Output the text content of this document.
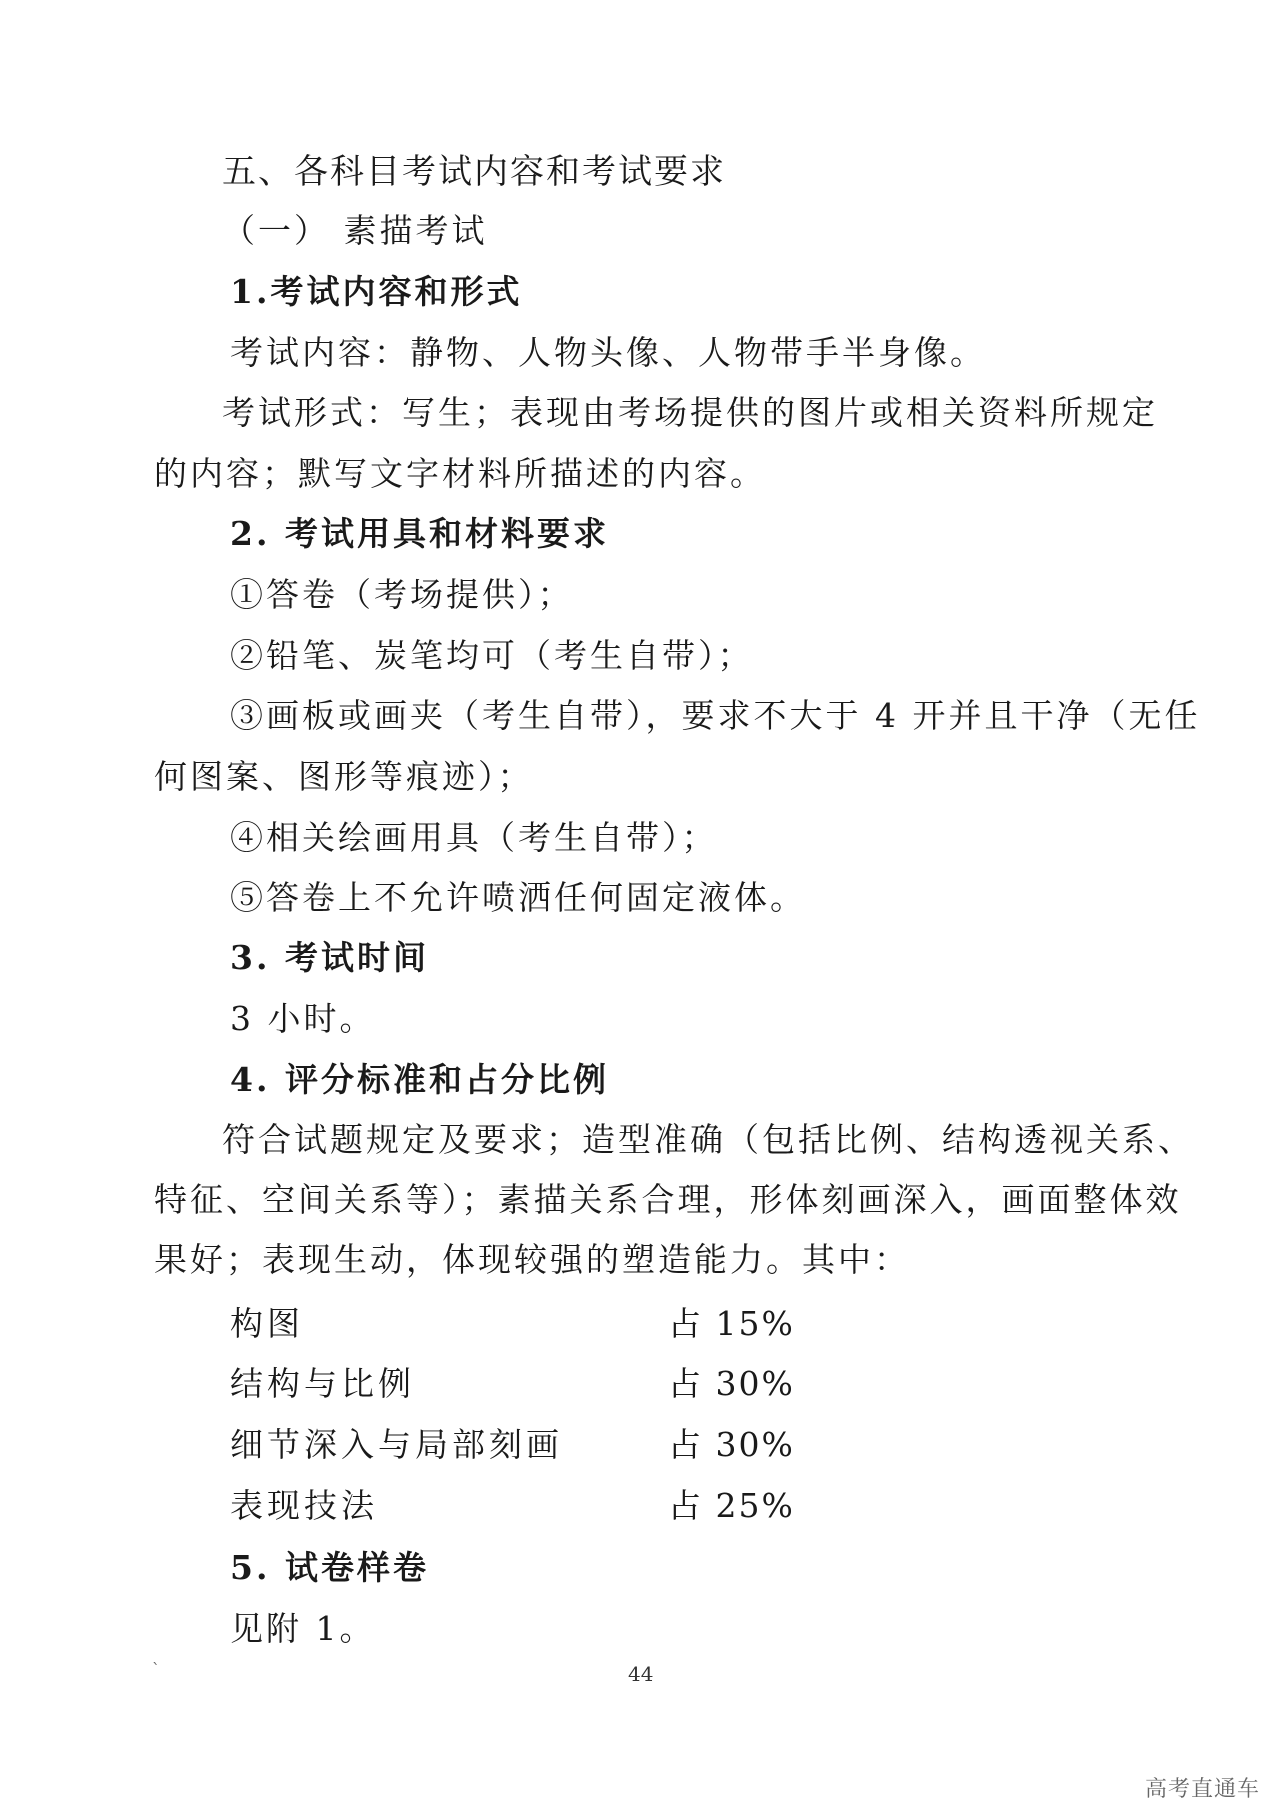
五、各科目考试内容和考试要求
（一） 素描考试
1.考试内容和形式
考试内容：静物、人物头像、人物带手半身像。
考试形式：写生；表现由考场提供的图片或相关资料所规定
的内容；默写文字材料所描述的内容。
2. 考试用具和材料要求
①答卷（考场提供）；
②铅笔、炭笔均可（考生自带）；
③画板或画夹（考生自带），要求不大于 4 开并且干净（无任
何图案、图形等痕迹）；
④相关绘画用具（考生自带）；
⑤答卷上不允许喷洒任何固定液体。
3. 考试时间
3 小时。
4. 评分标准和占分比例
符合试题规定及要求；造型准确（包括比例、结构透视关系、
特征、空间关系等）；素描关系合理，形体刻画深入，画面整体效
果好；表现生动，体现较强的塑造能力。其中：
构图	占 15%
结构与比例	占 30%
细节深入与局部刻画	占 30%
表现技法	占 25%
5. 试卷样卷
见附 1。
`	44
高考直通车
